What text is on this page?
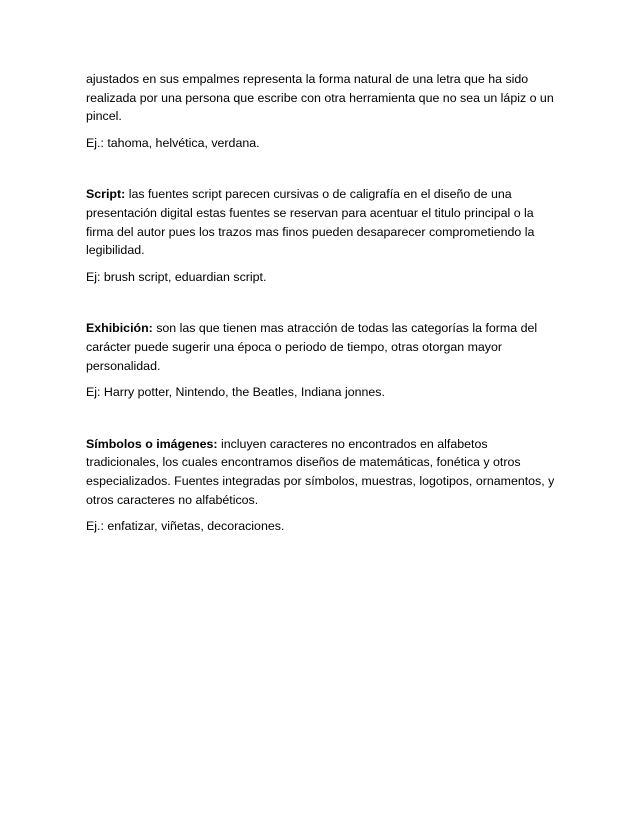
ajustados en sus empalmes representa la forma natural de una letra que ha sido realizada por una persona que escribe con otra herramienta que no sea un lápiz o un pincel.

Ej.: tahoma, helvética, verdana.

Script: las fuentes script parecen cursivas o de caligrafía en el diseño de una presentación digital estas fuentes se reservan para acentuar el titulo principal o la firma del autor pues los trazos mas finos pueden desaparecer comprometiendo la legibilidad.

Ej: brush script, eduardian script.

Exhibición: son las que tienen mas atracción de todas las categorías la forma del carácter puede sugerir una época o periodo de tiempo, otras otorgan mayor personalidad.

Ej: Harry potter, Nintendo, the Beatles, Indiana jonnes.

Símbolos o imágenes: incluyen caracteres no encontrados en alfabetos tradicionales, los cuales encontramos diseños de matemáticas, fonética y otros especializados. Fuentes integradas por símbolos, muestras, logotipos, ornamentos, y otros caracteres no alfabéticos.

Ej.: enfatizar, viñetas, decoraciones.
